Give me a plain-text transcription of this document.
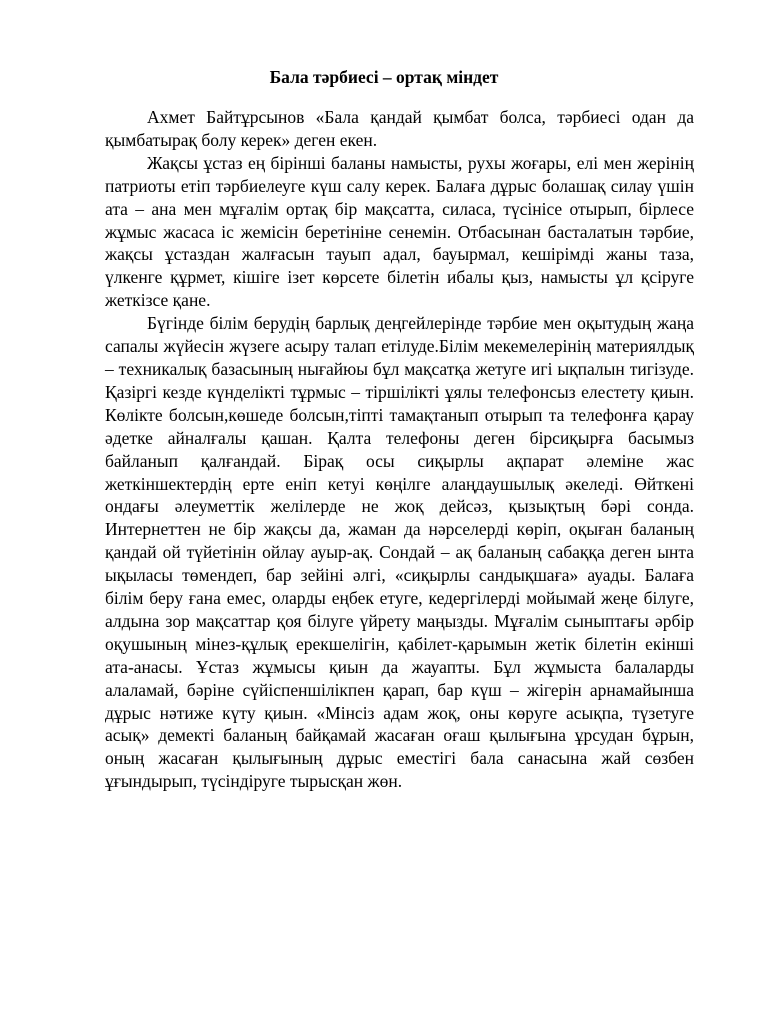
Бала тәрбиесі – ортақ міндет

Ахмет Байтұрсынов «Бала қандай қымбат болса, тәрбиесі одан да қымбатырақ болу керек» деген екен.

Жақсы ұстаз ең бірінші баланы намысты, рухы жоғары, елі мен жерінің патриоты етіп тәрбиелеуге күш салу керек. Балаға дұрыс болашақ силау үшін ата – ана мен мұғалім ортақ бір мақсатта, силаса, түсінісе отырып, бірлесе жұмыс жасаса іс жемісін беретініне сенемін. Отбасынан басталатын тәрбие, жақсы ұстаздан жалғасын тауып адал, бауырмал, кешірімді жаны таза, үлкенге құрмет, кішіге ізет көрсете білетін ибалы қыз, намысты ұл қсіруге жеткізсе қане.

Бүгінде білім берудің барлық деңгейлерінде тәрбие мен оқытудың жаңа сапалы жүйесін жүзеге асыру талап етілуде.Білім мекемелерінің материялдық – техникалық базасының нығайюы бұл мақсатқа жетуге игі ықпалын тигізуде. Қазіргі кезде күнделікті тұрмыс – тіршілікті ұялы телефонсыз елестету қиын. Көлікте болсын,көшеде болсын,тіпті тамақтанып отырып та телефонға қарау әдетке айналғалы қашан. Қалта телефоны деген бірсиқырға басымыз байланып қалғандай. Бірақ осы сиқырлы ақпарат әлеміне жас жеткіншектердің ерте еніп кетуі көңілге алаңдаушылық әкеледі. Өйткені ондағы әлеуметтік желілерде не жоқ дейсәз, қызықтың бәрі сонда. Интернеттен не бір жақсы да, жаман да нәрселерді көріп, оқыған баланың қандай ой түйетінін ойлау ауыр-ақ. Сондай – ақ баланың сабаққа деген ынта ықыласы төмендеп, бар зейіні әлгі, «сиқырлы сандықшаға» ауады. Балаға білім беру ғана емес, оларды еңбек етуге, кедергілерді мойымай жеңе білуге, алдына зор мақсаттар қоя білуге үйрету маңызды. Мұғалім сыныптағы әрбір оқушының мінез-құлық ерекшелігін, қабілет-қарымын жетік білетін екінші ата-анасы. Ұстаз жұмысы қиын да жауапты. Бұл жұмыста балаларды алаламай, бәріне сүйіспеншілікпен қарап, бар күш – жігерін арнамайынша дұрыс нәтиже күту қиын. «Мінсіз адам жоқ, оны көруге асықпа, түзетуге асық» демекті баланың байқамай жасаған оғаш қылығына ұрсудан бұрын, оның жасаған қылығының дұрыс еместігі бала санасына жай сөзбен ұғындырып, түсіндіруге тырысқан жөн.
